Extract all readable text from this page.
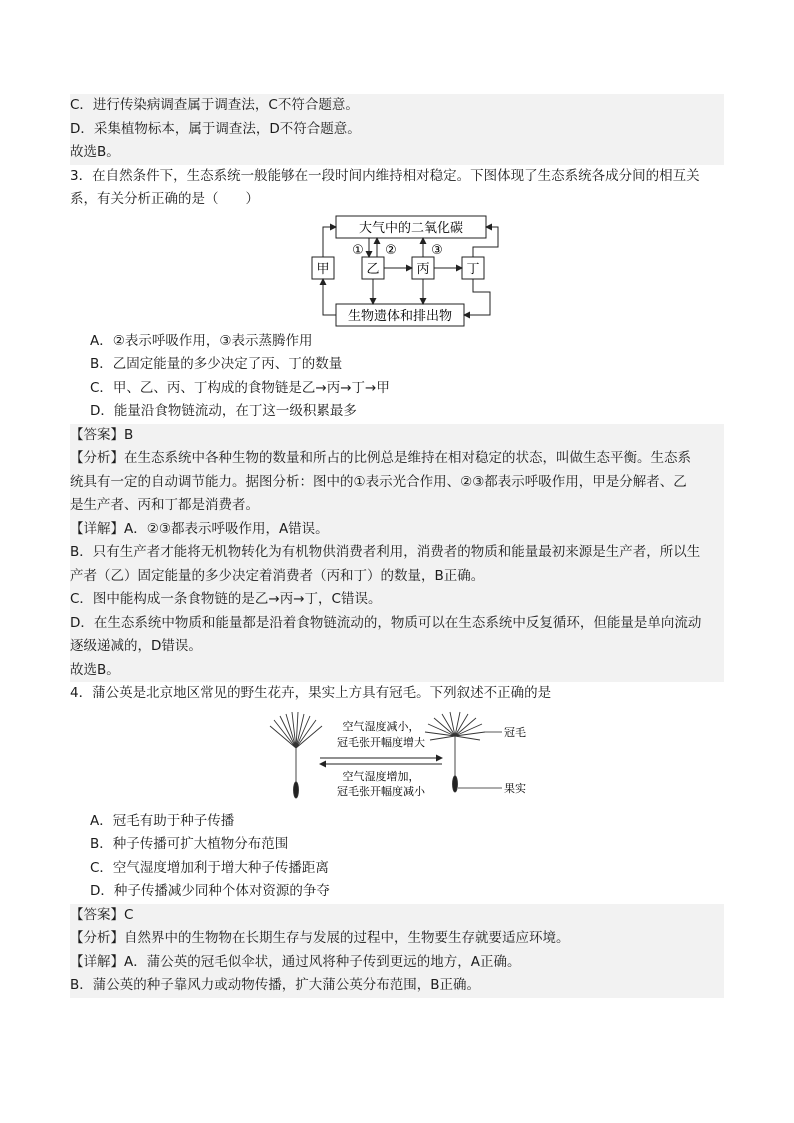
C．进行传染病调查属于调查法，C不符合题意。
D．采集植物标本，属于调查法，D不符合题意。
故选B。
3．在自然条件下，生态系统一般能够在一段时间内维持相对稳定。下图体现了生态系统各成分间的相互关
系，有关分析正确的是（　　）
大气中的二氧化碳
生物遗体和排出物
甲	乙	丙	丁
① ②	③
A．②表示呼吸作用，③表示蒸腾作用
B．乙固定能量的多少决定了丙、丁的数量
C．甲、乙、丙、丁构成的食物链是乙→丙→丁→甲
D．能量沿食物链流动，在丁这一级积累最多
【答案】B
【分析】在生态系统中各种生物的数量和所占的比例总是维持在相对稳定的状态，叫做生态平衡。生态系
统具有一定的自动调节能力。据图分析：图中的①表示光合作用、②③都表示呼吸作用，甲是分解者、乙
是生产者、丙和丁都是消费者。
【详解】A．②③都表示呼吸作用，A错误。
B．只有生产者才能将无机物转化为有机物供消费者利用，消费者的物质和能量最初来源是生产者，所以生
产者（乙）固定能量的多少决定着消费者（丙和丁）的数量，B正确。
C．图中能构成一条食物链的是乙→丙→丁，C错误。
D．在生态系统中物质和能量都是沿着食物链流动的，物质可以在生态系统中反复循环，但能量是单向流动
逐级递减的，D错误。
故选B。
4．蒲公英是北京地区常见的野生花卉，果实上方具有冠毛。下列叙述不正确的是
空气湿度减小，
冠毛张开幅度增大
空气湿度增加，
冠毛张开幅度减小
冠毛
果实
A．冠毛有助于种子传播
B．种子传播可扩大植物分布范围
C．空气湿度增加利于增大种子传播距离
D．种子传播减少同种个体对资源的争夺
【答案】C
【分析】自然界中的生物物在长期生存与发展的过程中，生物要生存就要适应环境。
【详解】A．蒲公英的冠毛似伞状，通过风将种子传到更远的地方，A正确。
B．蒲公英的种子靠风力或动物传播，扩大蒲公英分布范围，B正确。
